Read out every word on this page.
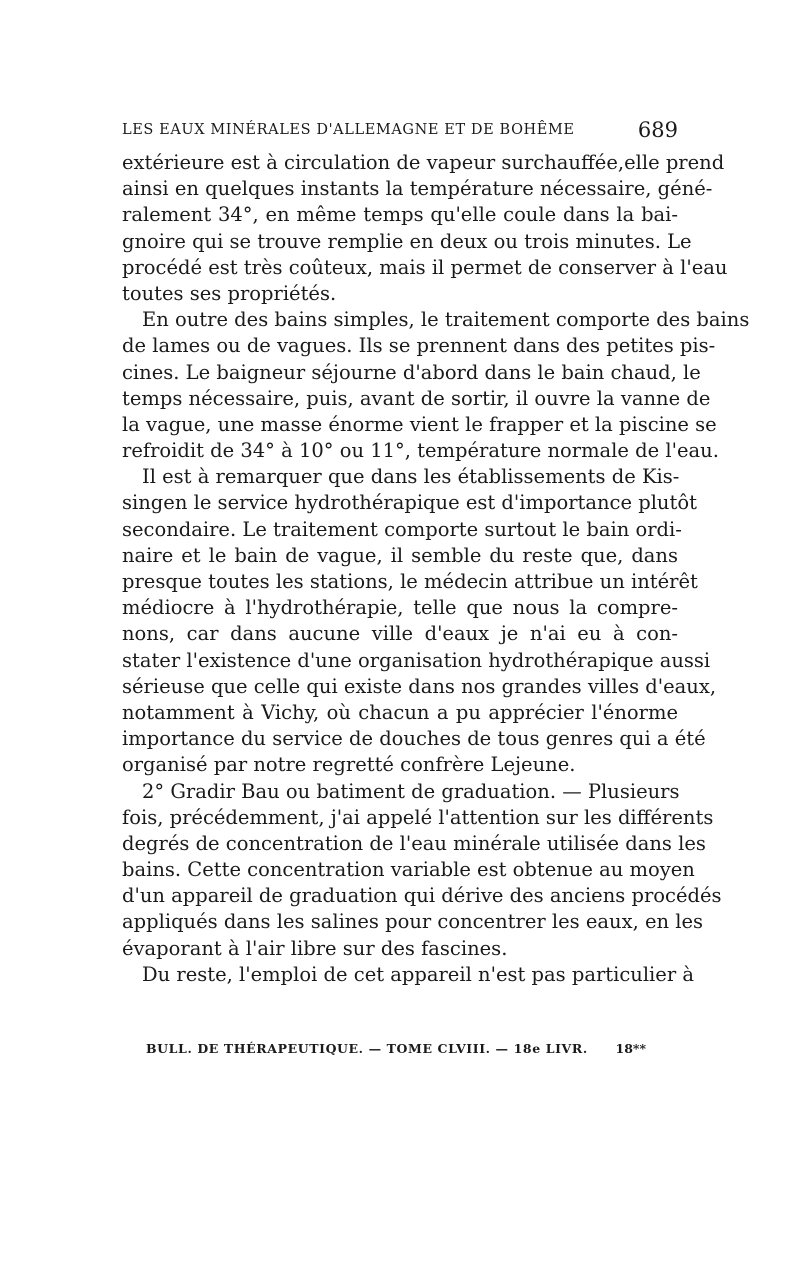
LES EAUX MINÉRALES D'ALLEMAGNE ET DE BOHÊME	689
extérieure est à circulation de vapeur surchauffée,elle prend
ainsi en quelques instants la température nécessaire, géné-
ralement 34°, en même temps qu'elle coule dans la bai-
gnoire qui se trouve remplie en deux ou trois minutes. Le
procédé est très coûteux, mais il permet de conserver à l'eau
toutes ses propriétés.
En outre des bains simples, le traitement comporte des bains
de lames ou de vagues. Ils se prennent dans des petites pis-
cines. Le baigneur séjourne d'abord dans le bain chaud, le
temps nécessaire, puis, avant de sortir, il ouvre la vanne de
la vague, une masse énorme vient le frapper et la piscine se
refroidit de 34° à 10° ou 11°, température normale de l'eau.
Il est à remarquer que dans les établissements de Kis-
singen le service hydrothérapique est d'importance plutôt
secondaire. Le traitement comporte surtout le bain ordi-
naire et le bain de vague, il semble du reste que, dans
presque toutes les stations, le médecin attribue un intérêt
médiocre à l'hydrothérapie, telle que nous la compre-
nons, car dans aucune ville d'eaux je n'ai eu à con-
stater l'existence d'une organisation hydrothérapique aussi
sérieuse que celle qui existe dans nos grandes villes d'eaux,
notamment à Vichy, où chacun a pu apprécier l'énorme
importance du service de douches de tous genres qui a été
organisé par notre regretté confrère Lejeune.
2° Gradir Bau ou batiment de graduation. — Plusieurs
fois, précédemment, j'ai appelé l'attention sur les différents
degrés de concentration de l'eau minérale utilisée dans les
bains. Cette concentration variable est obtenue au moyen
d'un appareil de graduation qui dérive des anciens procédés
appliqués dans les salines pour concentrer les eaux, en les
évaporant à l'air libre sur des fascines.
Du reste, l'emploi de cet appareil n'est pas particulier à
BULL. DE THÉRAPEUTIQUE. — TOME CLVIII. — 18e LIVR. 18**
